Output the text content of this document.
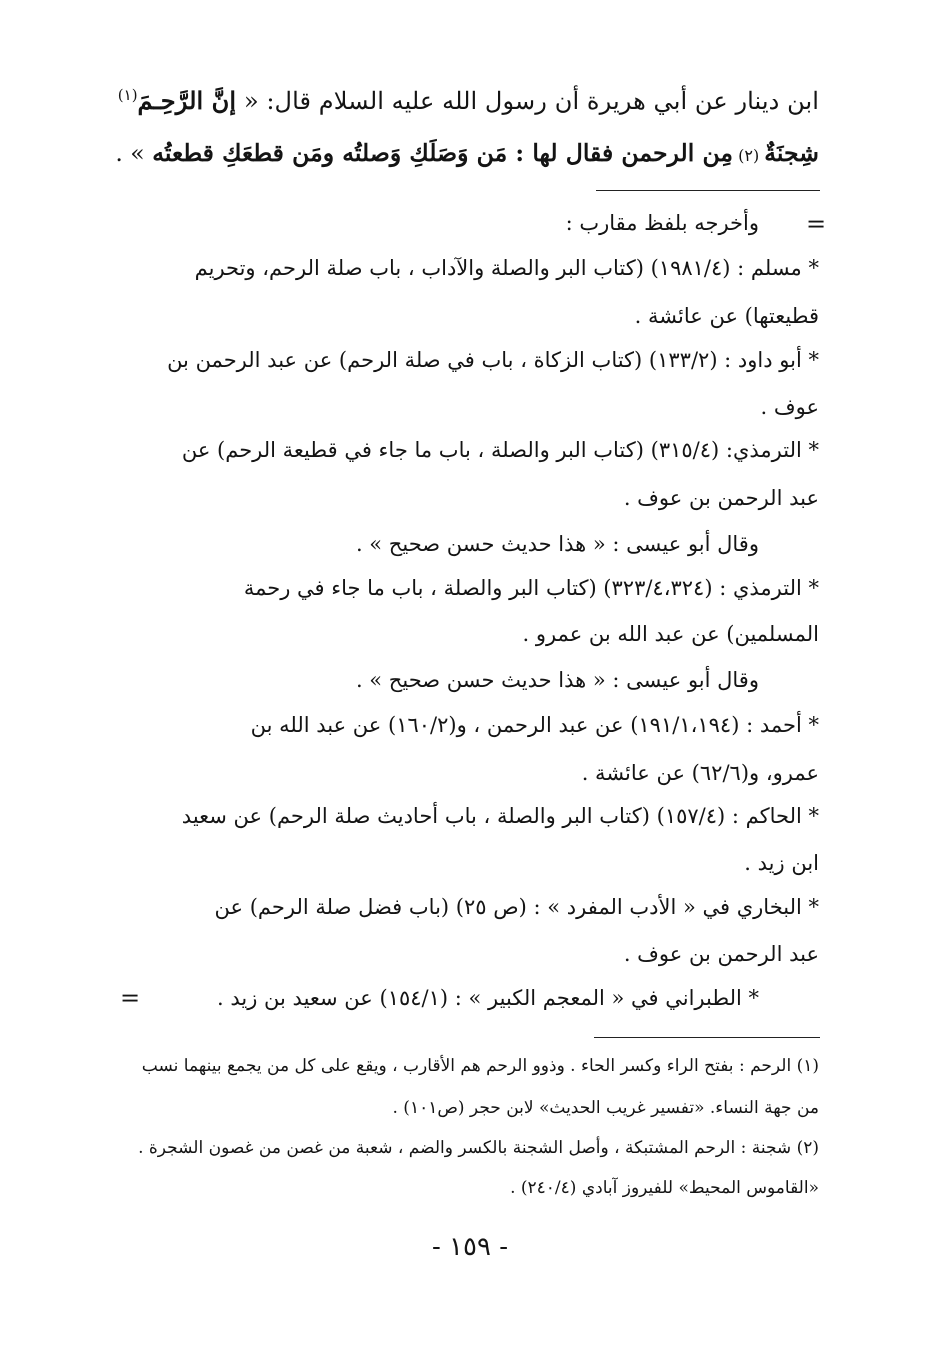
ابن دينار عن أبي هريرة أن رسول الله عليه السلام قال: « إنَّ الرَّحِـمَ$^{(١)}$
شِجنَةٌ (٢) مِن الرحمن فقال لها : مَن وَصَلَكِ وَصلتُه ومَن قطعَكِ قطعتُه » .
=
وأخرجه بلفظ مقارب :
* مسلم : (١٩٨١/٤) (كتاب البر والصلة والآداب ، باب صلة الرحم، وتحريم
قطيعتها) عن عائشة .
* أبو داود : (١٣٣/٢) (كتاب الزكاة ، باب في صلة الرحم) عن عبد الرحمن بن
عوف .
* الترمذي: (٣١٥/٤) (كتاب البر والصلة ، باب ما جاء في قطيعة الرحم) عن
عبد الرحمن بن عوف .
وقال أبو عيسى : « هذا حديث حسن صحيح » .
* الترمذي : (٣٢٣/٤،٣٢٤) (كتاب البر والصلة ، باب ما جاء في رحمة
المسلمين) عن عبد الله بن عمرو .
وقال أبو عيسى : « هذا حديث حسن صحيح » .
* أحمد : (١٩١/١،١٩٤) عن عبد الرحمن ، و(١٦٠/٢) عن عبد الله بن
عمرو، و(٦٢/٦) عن عائشة .
* الحاكم : (١٥٧/٤) (كتاب البر والصلة ، باب أحاديث صلة الرحم) عن سعيد
ابن زيد .
* البخاري في « الأدب المفرد » : (ص ٢٥) (باب فضل صلة الرحم) عن
عبد الرحمن بن عوف .
* الطبراني في « المعجم الكبير » : (١٥٤/١) عن سعيد بن زيد .
=
(١) الرحم : بفتح الراء وكسر الحاء . وذوو الرحم هم الأقارب ، ويقع على كل من يجمع بينهما نسب
من جهة النساء. «تفسير غريب الحديث» لابن حجر (ص١٠١) .
(٢) شجنة : الرحم المشتبكة ، وأصل الشجنة بالكسر والضم ، شعبة من غصن من غصون الشجرة .
«القاموس المحيط» للفيروز آبادي (٢٤٠/٤) .
- ١٥٩ -
